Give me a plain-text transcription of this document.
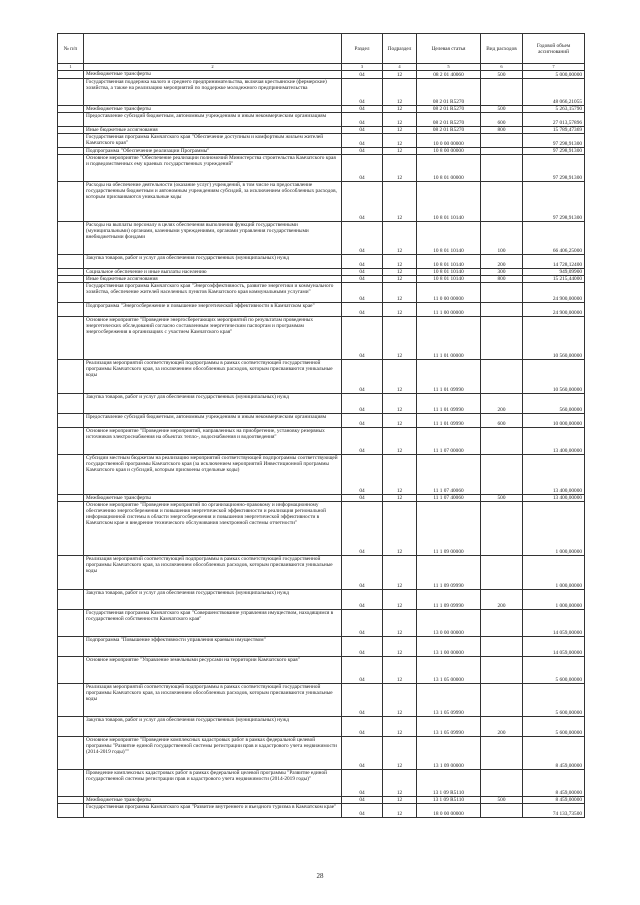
№ п/п		Раздел	Подраздел	Целевая статья	Вид расходов	Годовой объем ассигнований
1	2	3	4	5	6	7
	Межбюджетные трансферты	04	12	08 2 01 40060	500	5 000,00000
	Государственная поддержка малого и среднего предпринимательства, включая крестьянские (фермерские) хозяйства, а также на реализацию мероприятий по поддержке молодежного предпринимательства	04	12	08 2 01 R5270		48 066,21055
	Межбюджетные трансферты	04	12	08 2 01 R5270	500	5 263,15790
	Предоставление субсидий бюджетным, автономным учреждениям и иным некоммерческим организациям	04	12	08 2 01 R5270	600	27 013,57896
	Иные бюджетные ассигнования	04	12	08 2 01 R5270	800	15 789,47369
	Государственная программа Камчатского края "Обеспечение доступным и комфортным жильем жителей Камчатского края"	04	12	10 0 00 00000		97 298,91300
	Подпрограмма "Обеспечение реализации Программы"	04	12	10 8 00 00000		97 298,91300
	Основное мероприятие "Обеспечение реализации полномочий Министерства строительства Камчатского края и подведомственных ему краевых государственных учреждений"	04	12	10 8 01 00000		97 298,91300
	Расходы на обеспечение деятельности (оказание услуг) учреждений, в том числе на предоставление государственным бюджетным и автономным учреждениям субсидий, за исключением обособленных расходов, которым присваиваются уникальные коды	04	12	10 8 01 10140		97 298,91300
	Расходы на выплаты персоналу в целях обеспечения выполнения функций государственными (муниципальными) органами, казенными учреждениями, органами управления государственными внебюджетными фондами	04	12	10 8 01 10140	100	66 406,25000
	Закупка товаров, работ и услуг для обеспечения государственных (муниципальных) нужд	04	12	10 8 01 10140	200	14 728,12400
	Социальное обеспечение и иные выплаты населению	04	12	10 8 01 10140	300	949,09900
	Иные бюджетные ассигнования	04	12	10 8 01 10140	800	15 215,44000
	Государственная программа Камчатского края "Энергоэффективность, развитие энергетики и коммунального хозяйства, обеспечение жителей населенных пунктов Камчатского края коммунальными услугами"	04	12	11 0 00 00000		24 900,00000
	Подпрограмма "Энергосбережение и повышение энергетической эффективности в Камчатском крае"	04	12	11 1 00 00000		24 900,00000
	Основное мероприятие "Проведение энергосберегающих мероприятий по результатам проведенных энергетических обследований согласно составленным энергетическим паспортам и программам энергосбережения в организациях с участием Камчатского края"	04	12	11 1 01 00000		10 560,00000
	Реализация мероприятий соответствующей подпрограммы в рамках соответствующей государственной программы Камчатского края, за исключением обособленных расходов, которым присваиваются уникальные коды	04	12	11 1 01 09990		10 560,00000
	Закупка товаров, работ и услуг для обеспечения государственных (муниципальных) нужд	04	12	11 1 01 09990	200	560,00000
	Предоставление субсидий бюджетным, автономным учреждениям и иным некоммерческим организациям	04	12	11 1 01 09990	600	10 000,00000
	Основное мероприятие "Проведение мероприятий, направленных на приобретение, установку резервных источников электроснабжения на объектах тепло-, водоснабжения и водоотведения"	04	12	11 1 07 00000		13 400,00000
	Субсидии местным бюджетам на реализацию мероприятий соответствующей подпрограммы соответствующей государственной программы Камчатского края (за исключением мероприятий Инвестиционной программы Камчатского края и субсидий, которым присвоены отдельные коды)	04	12	11 1 07 40060		13 400,00000
	Межбюджетные трансферты	04	12	11 1 07 40060	500	13 400,00000
	Основное мероприятие "Проведение мероприятий по организационно-правовому и информационному обеспечению энергосбережения и повышения энергетической эффективности и реализация региональной информационной системы в области энергосбережения и повышения энергетической эффективности в Камчатском крае и внедрение технического обслуживания электронной системы отчетности"	04	12	11 1 09 00000		1 000,00000
	Реализация мероприятий соответствующей подпрограммы в рамках соответствующей государственной программы Камчатского края, за исключением обособленных расходов, которым присваиваются уникальные коды	04	12	11 1 09 09990		1 000,00000
	Закупка товаров, работ и услуг для обеспечения государственных (муниципальных) нужд	04	12	11 1 09 09990	200	1 000,00000
	Государственная программа Камчатского края "Совершенствование управления имуществом, находящимся в государственной собственности Камчатского края"	04	12	13 0 00 00000		14 059,00000
	Подпрограмма "Повышение эффективности управления краевым имуществом"	04	12	13 1 00 00000		14 059,00000
	Основное мероприятие "Управление земельными ресурсами на территории Камчатского края"	04	12	13 1 05 00000		5 600,00000
	Реализация мероприятий соответствующей подпрограммы в рамках соответствующей государственной программы Камчатского края, за исключением обособленных расходов, которым присваиваются уникальные коды	04	12	13 1 05 09990		5 600,00000
	Закупка товаров, работ и услуг для обеспечения государственных (муниципальных) нужд	04	12	13 1 05 09990	200	5 600,00000
	Основное мероприятие "Проведение комплексных кадастровых работ в рамках федеральной целевой программы "Развитие единой государственной системы регистрации прав и кадастрового учета недвижимости (2014-2019 годы)""	04	12	13 1 09 00000		8 459,00000
	Проведение комплексных кадастровых работ в рамках федеральной целевой программы "Развитие единой государственной системы регистрации прав и кадастрового учета недвижимости (2014-2019 годы)"	04	12	13 1 09 R5110		8 459,00000
	Межбюджетные трансферты	04	12	13 1 09 R5110	500	8 459,00000
	Государственная программа Камчатского края "Развитие внутреннего и въездного туризма в Камчатском крае"	04	12	18 0 00 00000		74 133,73500
28
